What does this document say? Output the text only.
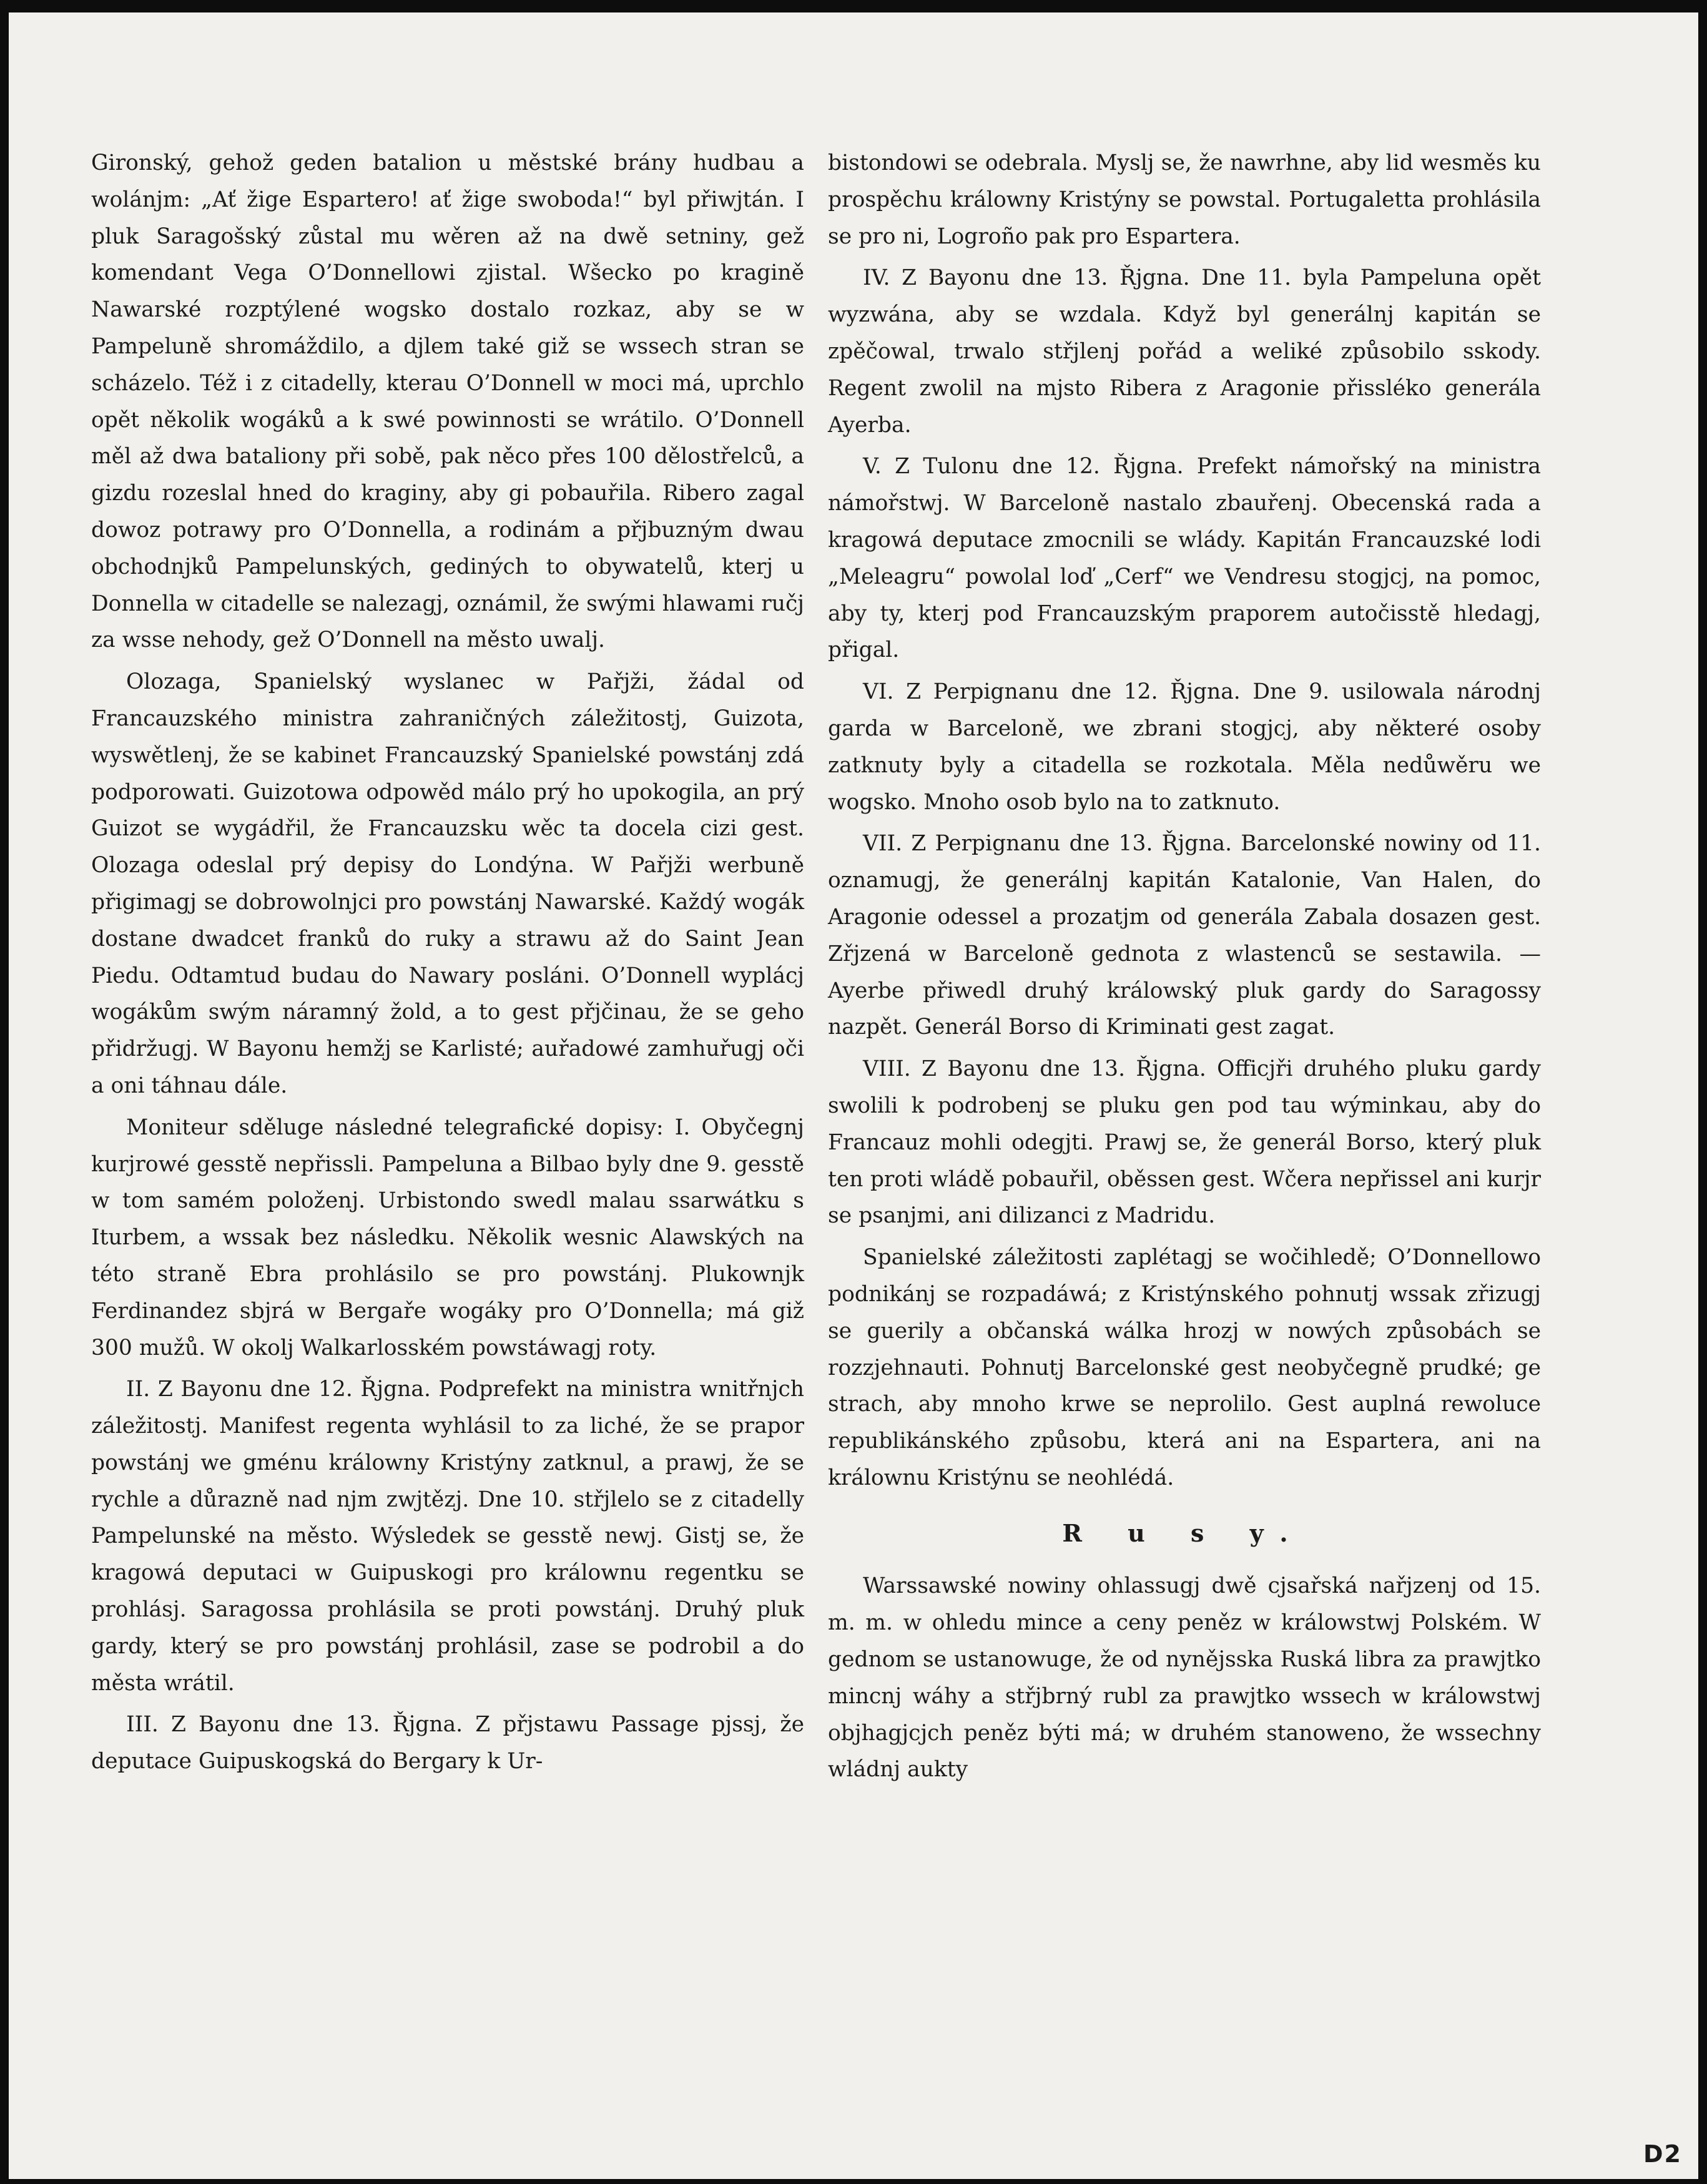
Gironský, gehož geden batalion u městské brány hudbau a wolánjm: „Ať žige Espartero! ať žige swoboda!“ byl přiwjtán. I pluk Saragošský zůstal mu wěren až na dwě setniny, gež komendant Vega O’Donnellowi zjistal. Wšecko po kragině Nawarské rozptýlené wogsko dostalo rozkaz, aby se w Pampeluně shromáždilo, a djlem také giž se wssech stran se scházelo. Též i z citadelly, kterau O’Donnell w moci má, uprchlo opět několik wogáků a k swé powinnosti se wrátilo. O’Donnell měl až dwa bataliony při sobě, pak něco přes 100 dělostřelců, a gizdu rozeslal hned do kraginy, aby gi pobauřila. Ribero zagal dowoz potrawy pro O’Donnella, a rodinám a přjbuzným dwau obchodnjků Pampelunských, gediných to obywatelů, kterj u Donnella w citadelle se nalezagj, oznámil, že swými hlawami ručj za wsse nehody, gež O’Donnell na město uwalj.

Olozaga, Spanielský wyslanec w Pařjži, žádal od Francauzského ministra zahraničných záležitostj, Guizota, wyswětlenj, že se kabinet Francauzský Spanielské powstánj zdá podporowati. Guizotowa odpowěd málo prý ho upokogila, an prý Guizot se wygádřil, že Francauzsku wěc ta docela cizi gest. Olozaga odeslal prý depisy do Londýna. W Pařjži werbuně přigimagj se dobrowolnjci pro powstánj Nawarské. Každý wogák dostane dwadcet franků do ruky a strawu až do Saint Jean Piedu. Odtamtud budau do Nawary posláni. O’Donnell wyplácj wogákům swým náramný žold, a to gest přjčinau, že se geho přidržugj. W Bayonu hemžj se Karlisté; auřadowé zamhuřugj oči a oni táhnau dále.

Moniteur sděluge následné telegrafické dopisy: I. Obyčegnj kurjrowé gesstě nepřissli. Pampeluna a Bilbao byly dne 9. gesstě w tom samém položenj. Urbistondo swedl malau ssarwátku s Iturbem, a wssak bez následku. Několik wesnic Alawských na této straně Ebra prohlásilo se pro powstánj. Plukownjk Ferdinandez sbjrá w Bergaře wogáky pro O’Donnella; má giž 300 mužů. W okolj Walkarlosském powstáwagj roty.

II. Z Bayonu dne 12. Řjgna. Podprefekt na ministra wnitřnjch záležitostj. Manifest regenta wyhlásil to za liché, že se prapor powstánj we gménu králowny Kristýny zatknul, a prawj, že se rychle a důrazně nad njm zwjtězj. Dne 10. střjlelo se z citadelly Pampelunské na město. Wýsledek se gesstě newj. Gistj se, že kragowá deputaci w Guipuskogi pro králownu regentku se prohlásj. Saragossa prohlásila se proti powstánj. Druhý pluk gardy, který se pro powstánj prohlásil, zase se podrobil a do města wrátil.

III. Z Bayonu dne 13. Řjgna. Z přjstawu Passage pjssj, že deputace Guipuskogská do Bergary k Ur-

bistondowi se odebrala. Myslj se, že nawrhne, aby lid wesměs ku prospěchu králowny Kristýny se powstal. Portugaletta prohlásila se pro ni, Logroño pak pro Espartera.

IV. Z Bayonu dne 13. Řjgna. Dne 11. byla Pampeluna opět wyzwána, aby se wzdala. Když byl generálnj kapitán se zpěčowal, trwalo střjlenj pořád a weliké způsobilo sskody. Regent zwolil na mjsto Ribera z Aragonie přissléko generála Ayerba.

V. Z Tulonu dne 12. Řjgna. Prefekt námořský na ministra námořstwj. W Barceloně nastalo zbauřenj. Obecenská rada a kragowá deputace zmocnili se wlády. Kapitán Francauzské lodi „Meleagru“ powolal loď „Cerf“ we Vendresu stogjcj, na pomoc, aby ty, kterj pod Francauzským praporem autočisstě hledagj, přigal.

VI. Z Perpignanu dne 12. Řjgna. Dne 9. usilowala národnj garda w Barceloně, we zbrani stogjcj, aby některé osoby zatknuty byly a citadella se rozkotala. Měla nedůwěru we wogsko. Mnoho osob bylo na to zatknuto.

VII. Z Perpignanu dne 13. Řjgna. Barcelonské nowiny od 11. oznamugj, že generálnj kapitán Katalonie, Van Halen, do Aragonie odessel a prozatjm od generála Zabala dosazen gest. Zřjzená w Barceloně gednota z wlastenců se sestawila. — Ayerbe přiwedl druhý králowský pluk gardy do Saragossy nazpět. Generál Borso di Kriminati gest zagat.

VIII. Z Bayonu dne 13. Řjgna. Officjři druhého pluku gardy swolili k podrobenj se pluku gen pod tau wýminkau, aby do Francauz mohli odegjti. Prawj se, že generál Borso, který pluk ten proti wládě pobauřil, oběssen gest. Wčera nepřissel ani kurjr se psanjmi, ani dilizanci z Madridu.

Spanielské záležitosti zaplétagj se wočihledě; O’Donnellowo podnikánj se rozpadáwá; z Kristýnského pohnutj wssak zřizugj se guerily a občanská wálka hrozj w nowých způsobách se rozzjehnauti. Pohnutj Barcelonské gest neobyčegně prudké; ge strach, aby mnoho krwe se neprolilo. Gest auplná rewoluce republikánského způsobu, která ani na Espartera, ani na králownu Kristýnu se neohlédá.

R u s y.

Warssawské nowiny ohlassugj dwě cjsařská nařjzenj od 15. m. m. w ohledu mince a ceny peněz w králowstwj Polském. W gednom se ustanowuge, že od nynějsska Ruská libra za prawjtko mincnj wáhy a střjbrný rubl za prawjtko wssech w králowstwj objhagjcjch peněz býti má; w druhém stanoweno, že wssechny wládnj aukty

D2
